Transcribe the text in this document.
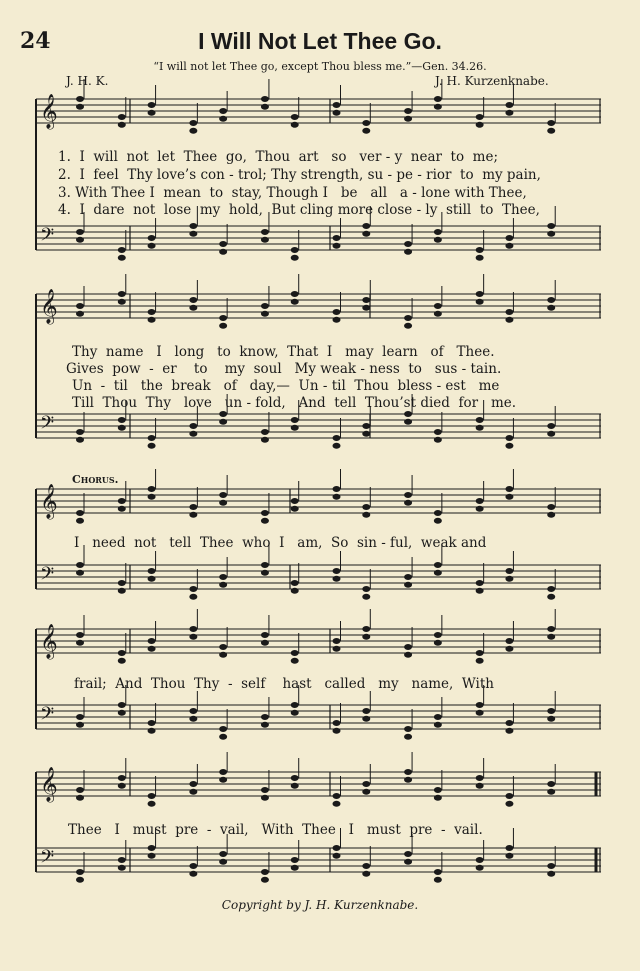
24	I Will Not Let Thee Go.
“I will not let Thee go, except Thou bless me.”—Gen. 34.26.
J. H. K.	J. H. Kurzenknabe.
𝄞
𝄢
𝄞
𝄢
𝄞
𝄢
𝄞
𝄢
𝄞
𝄢
1.  I  will  not  let  Thee  go,  Thou  art   so   ver - y  near  to  me;
2.  I  feel  Thy love’s con - trol; Thy strength, su - pe - rior  to  my pain,
3. With Thee I  mean  to  stay, Though I   be   all   a - lone with Thee,
4.  I  dare  not  lose  my  hold,  But cling more close - ly  still  to  Thee,
Thy  name   I   long   to  know,  That  I   may  learn   of   Thee.
Gives  pow  -  er    to    my  soul   My weak - ness  to   sus - tain.
Un  -  til   the  break   of   day,—  Un - til  Thou  bless - est   me
Till  Thou  Thy   love   un - fold,   And  tell  Thou’st died  for   me.
Chorus.
I   need  not   tell  Thee  who  I   am,  So  sin - ful,  weak and
frail;  And  Thou  Thy  -  self    hast   called   my   name,  With
Thee   I   must  pre  -  vail,   With  Thee   I   must  pre  -  vail.
Copyright by J. H. Kurzenknabe.
